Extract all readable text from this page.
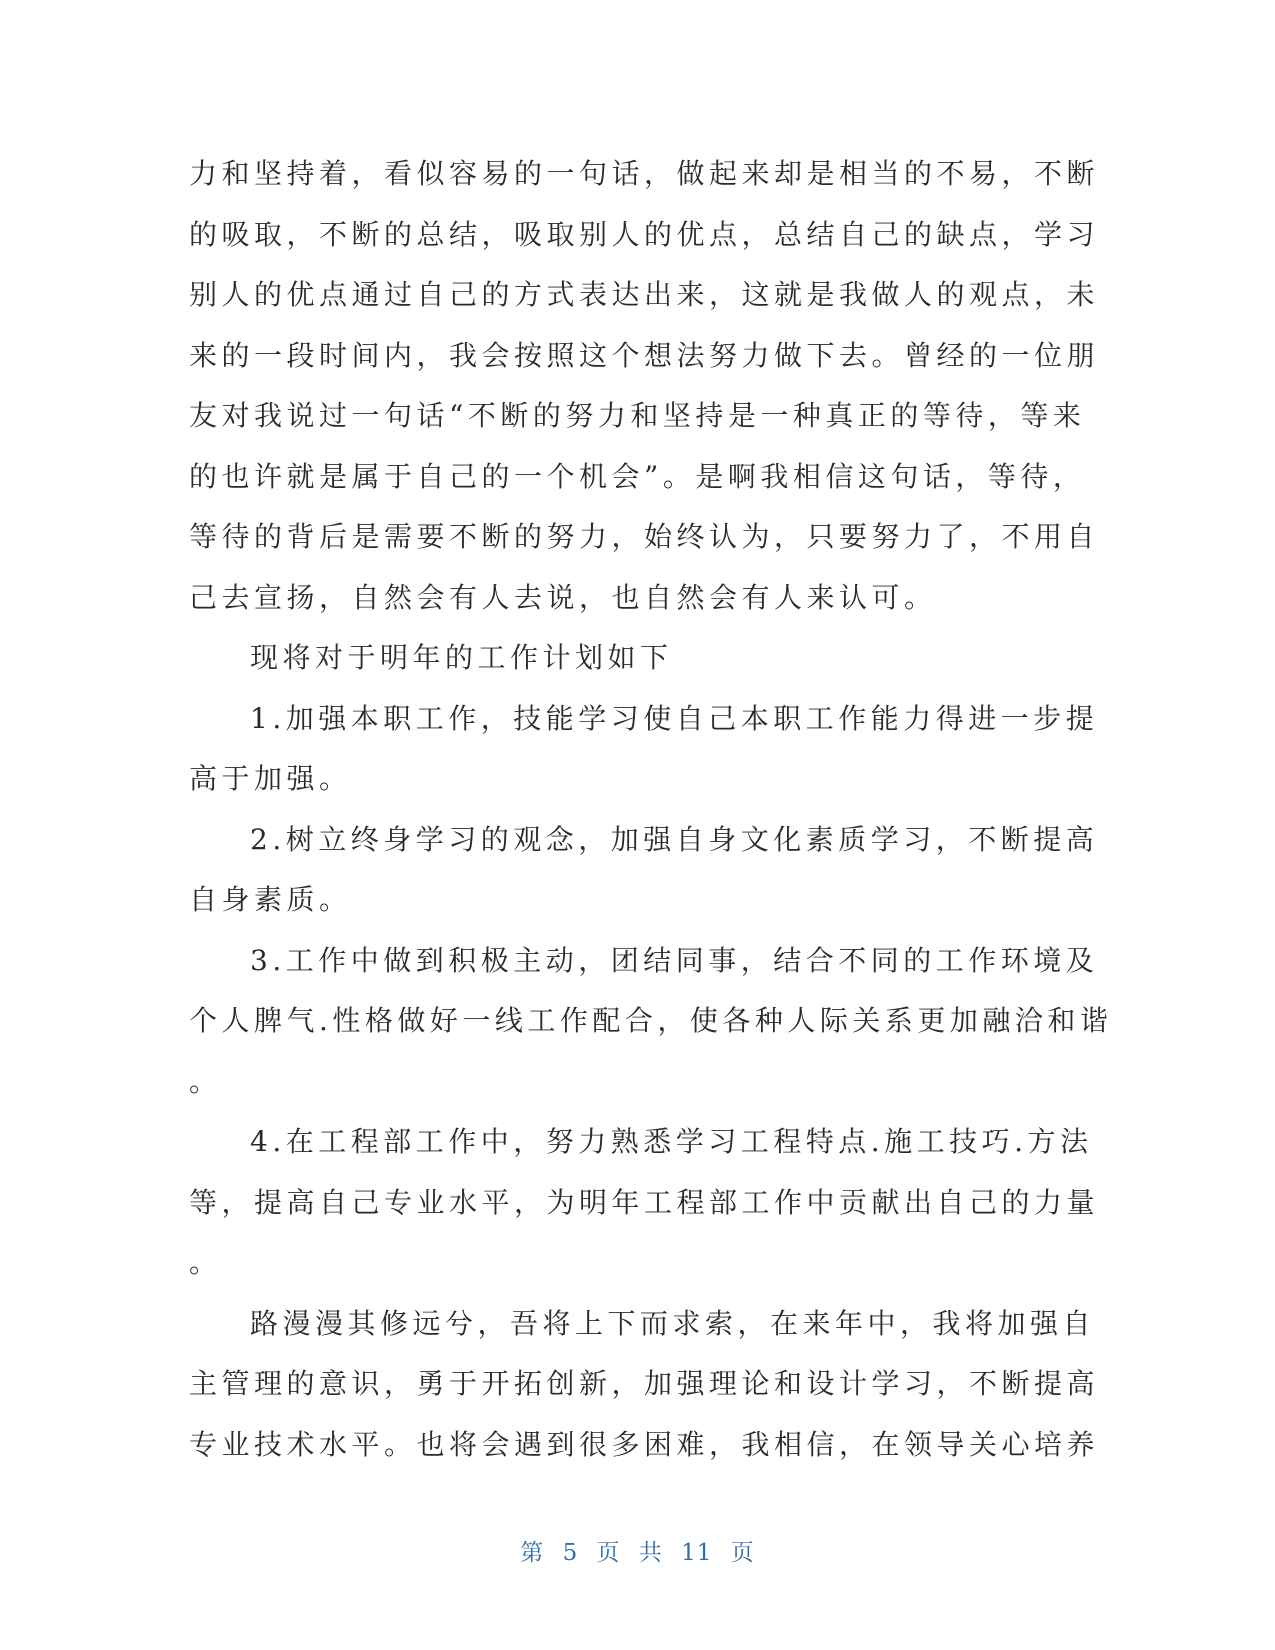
力和坚持着，看似容易的一句话，做起来却是相当的不易，不断
的吸取，不断的总结，吸取别人的优点，总结自己的缺点，学习
别人的优点通过自己的方式表达出来，这就是我做人的观点，未
来的一段时间内，我会按照这个想法努力做下去。曾经的一位朋
友对我说过一句话“不断的努力和坚持是一种真正的等待，等来
的也许就是属于自己的一个机会”。是啊我相信这句话，等待，
等待的背后是需要不断的努力，始终认为，只要努力了，不用自
己去宣扬，自然会有人去说，也自然会有人来认可。
现将对于明年的工作计划如下
1.加强本职工作，技能学习使自己本职工作能力得进一步提
高于加强。
2.树立终身学习的观念，加强自身文化素质学习，不断提高
自身素质。
3.工作中做到积极主动，团结同事，结合不同的工作环境及
个人脾气.性格做好一线工作配合，使各种人际关系更加融洽和谐
。
4.在工程部工作中，努力熟悉学习工程特点.施工技巧.方法
等，提高自己专业水平，为明年工程部工作中贡献出自己的力量
。
路漫漫其修远兮，吾将上下而求索，在来年中，我将加强自
主管理的意识，勇于开拓创新，加强理论和设计学习，不断提高
专业技术水平。也将会遇到很多困难，我相信，在领导关心培养
第 5 页 共 11 页
